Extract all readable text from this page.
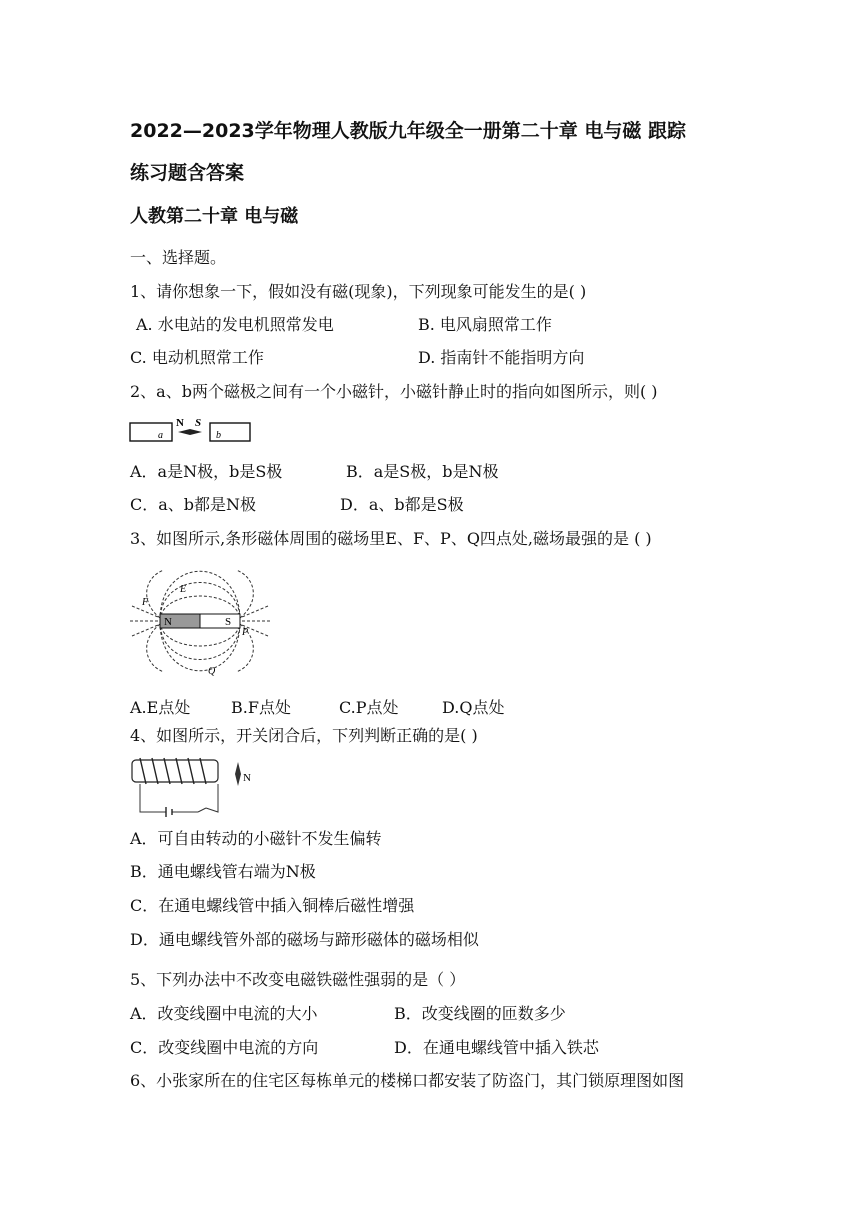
2022—2023学年物理人教版九年级全一册第二十章 电与磁 跟踪
练习题含答案
人教第二十章 电与磁
一、选择题。
1、请你想象一下，假如没有磁(现象)，下列现象可能发生的是( )
A. 水电站的发电机照常发电	B. 电风扇照常工作
C. 电动机照常工作	D. 指南针不能指明方向
2、a、b两个磁极之间有一个小磁针，小磁针静止时的指向如图所示，则( )
a	b
N S
A．a是N极，b是S极	B．a是S极，b是N极
C．a、b都是N极	D．a、b都是S极
3、如图所示,条形磁体周围的磁场里E、F、P、Q四点处,磁场最强的是 ( )
N	S
E
F
P
Q
A.E点处	B.F点处	C.P点处	D.Q点处
4、如图所示，开关闭合后，下列判断正确的是( )
N
A．可自由转动的小磁针不发生偏转
B．通电螺线管右端为N极
C．在通电螺线管中插入铜棒后磁性增强
D．通电螺线管外部的磁场与蹄形磁体的磁场相似
5、下列办法中不改变电磁铁磁性强弱的是（ ）
A．改变线圈中电流的大小	B．改变线圈的匝数多少
C．改变线圈中电流的方向	D．在通电螺线管中插入铁芯
6、小张家所在的住宅区每栋单元的楼梯口都安装了防盗门，其门锁原理图如图
